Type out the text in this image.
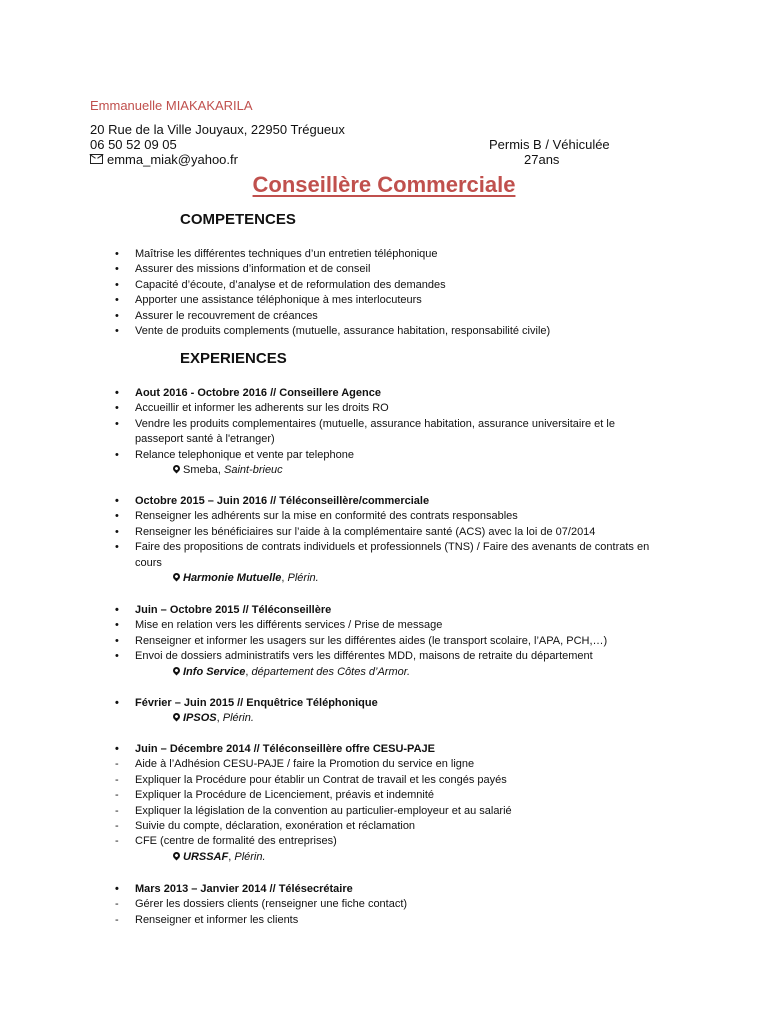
Emmanuelle MIAKAKARILA
20 Rue de la Ville Jouyaux, 22950 Trégueux
06 50 52 09 05
emma_miak@yahoo.fr
Permis B / Véhiculée
27ans
Conseillère Commerciale
COMPETENCES
•	Maîtrise les différentes techniques d’un entretien téléphonique
•	Assurer des missions d’information et de conseil
•	Capacité d’écoute, d’analyse et de reformulation des demandes
•	Apporter une assistance téléphonique à mes interlocuteurs
•	Assurer le recouvrement de créances
•	Vente de produits complements (mutuelle, assurance habitation, responsabilité civile)
EXPERIENCES
•	Aout 2016 - Octobre 2016 // Conseillere Agence
•	Accueillir et informer les adherents sur les droits RO
•	Vendre les produits complementaires (mutuelle, assurance habitation, assurance universitaire et le passeport santé à l'etranger)
•	Relance telephonique et vente par telephone
Smeba, Saint-brieuc
•	Octobre 2015 – Juin 2016 // Téléconseillère/commerciale
•	Renseigner les adhérents sur la mise en conformité des contrats responsables
•	Renseigner les bénéficiaires sur l’aide à la complémentaire santé (ACS) avec la loi de 07/2014
•	Faire des propositions de contrats individuels et professionnels (TNS) / Faire des avenants de contrats en cours
Harmonie Mutuelle, Plérin.
•	Juin – Octobre 2015 // Téléconseillère
•	Mise en relation vers les différents services / Prise de message
•	Renseigner et informer les usagers sur les différentes aides (le transport scolaire, l’APA, PCH,…)
•	Envoi de dossiers administratifs vers les différentes MDD, maisons de retraite du département
Info Service, département des Côtes d’Armor.
•	Février – Juin 2015 // Enquêtrice Téléphonique
IPSOS, Plérin.
•	Juin – Décembre 2014 // Téléconseillère offre CESU-PAJE
-	Aide à l’Adhésion CESU-PAJE / faire la Promotion du service en ligne
-	Expliquer la Procédure pour établir un Contrat de travail et les congés payés
-	Expliquer la Procédure de Licenciement, préavis et indemnité
-	Expliquer la législation de la convention au particulier-employeur et au salarié
-	Suivie du compte, déclaration, exonération et réclamation
-	CFE (centre de formalité des entreprises)
URSSAF, Plérin.
•	Mars 2013 – Janvier 2014 // Télésecrétaire
-	Gérer les dossiers clients (renseigner une fiche contact)
-	Renseigner et informer les clients
